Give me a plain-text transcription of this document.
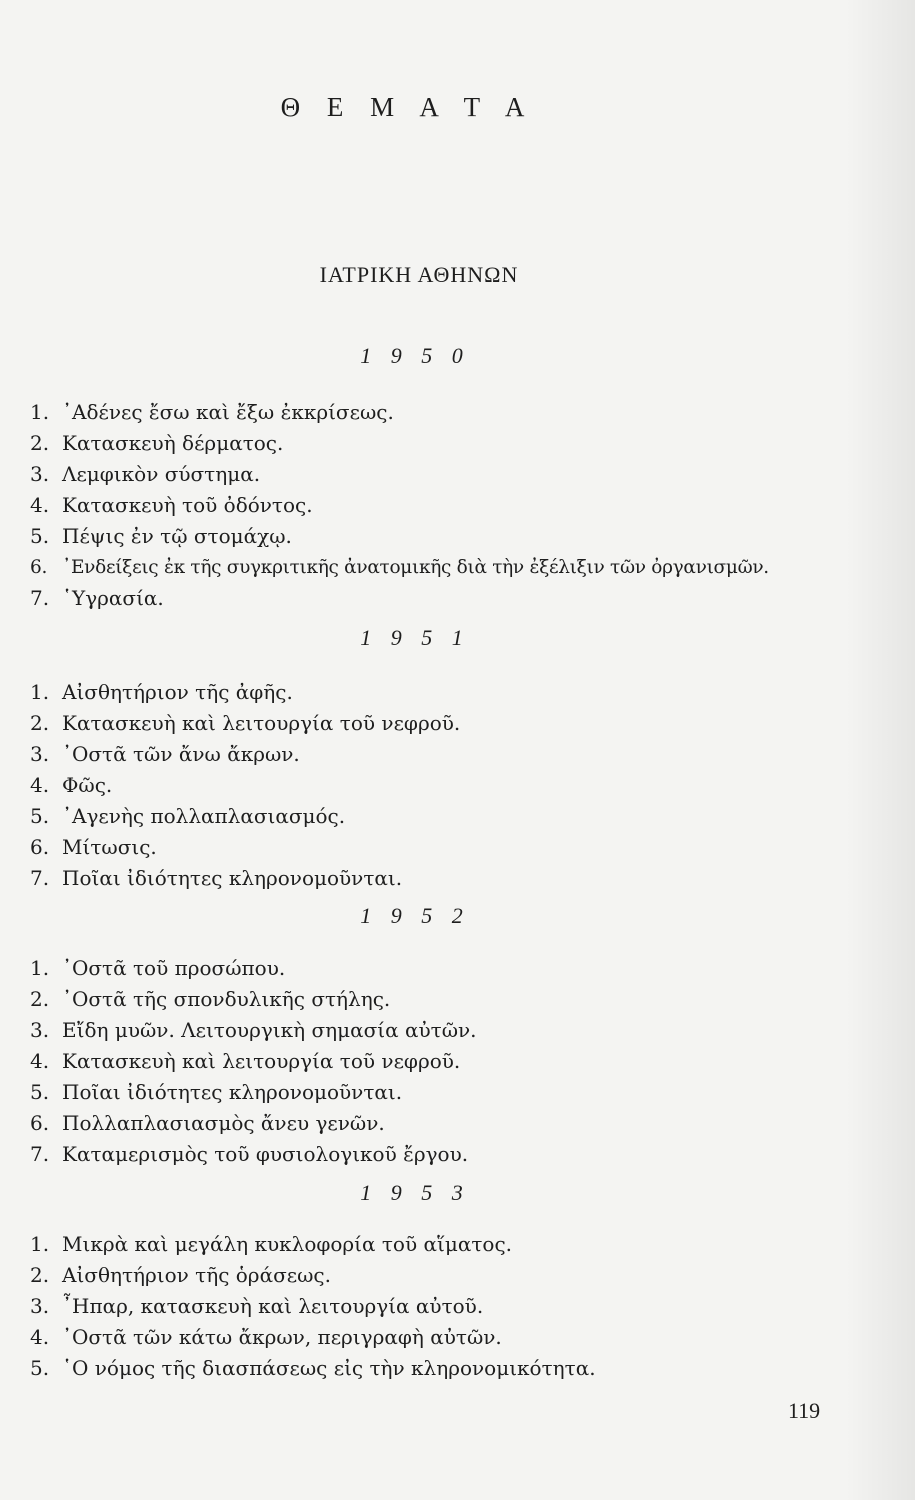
Θ Ε Μ Α Τ Α
ΙΑΤΡΙΚΗ ΑΘΗΝΩΝ
1 9 5 0
1. ᾿Αδένες ἔσω καὶ ἔξω ἐκκρίσεως.
2. Κατασκευὴ δέρματος.
3. Λεμφικὸν σύστημα.
4. Κατασκευὴ τοῦ ὀδόντος.
5. Πέψις ἐν τῷ στομάχῳ.
6. ᾿Ενδείξεις ἐκ τῆς συγκριτικῆς ἀνατομικῆς διὰ τὴν ἐξέλιξιν τῶν ὀργανισμῶν.
7. ῾Υγρασία.
1 9 5 1
1. Αἰσθητήριον τῆς ἀφῆς.
2. Κατασκευὴ καὶ λειτουργία τοῦ νεφροῦ.
3. ᾿Οστᾶ τῶν ἄνω ἄκρων.
4. Φῶς.
5. ᾿Αγενὴς πολλαπλασιασμός.
6. Μίτωσις.
7. Ποῖαι ἰδιότητες κληρονομοῦνται.
1 9 5 2
1. ᾿Οστᾶ τοῦ προσώπου.
2. ᾿Οστᾶ τῆς σπονδυλικῆς στήλης.
3. Εἴδη μυῶν. Λειτουργικὴ σημασία αὐτῶν.
4. Κατασκευὴ καὶ λειτουργία τοῦ νεφροῦ.
5. Ποῖαι ἰδιότητες κληρονομοῦνται.
6. Πολλαπλασιασμὸς ἄνευ γενῶν.
7. Καταμερισμὸς τοῦ φυσιολογικοῦ ἔργου.
1 9 5 3
1. Μικρὰ καὶ μεγάλη κυκλοφορία τοῦ αἵματος.
2. Αἰσθητήριον τῆς ὁράσεως.
3. ῏Ηπαρ, κατασκευὴ καὶ λειτουργία αὐτοῦ.
4. ᾿Οστᾶ τῶν κάτω ἄκρων, περιγραφὴ αὐτῶν.
5. ῾Ο νόμος τῆς διασπάσεως εἰς τὴν κληρονομικότητα.
119
